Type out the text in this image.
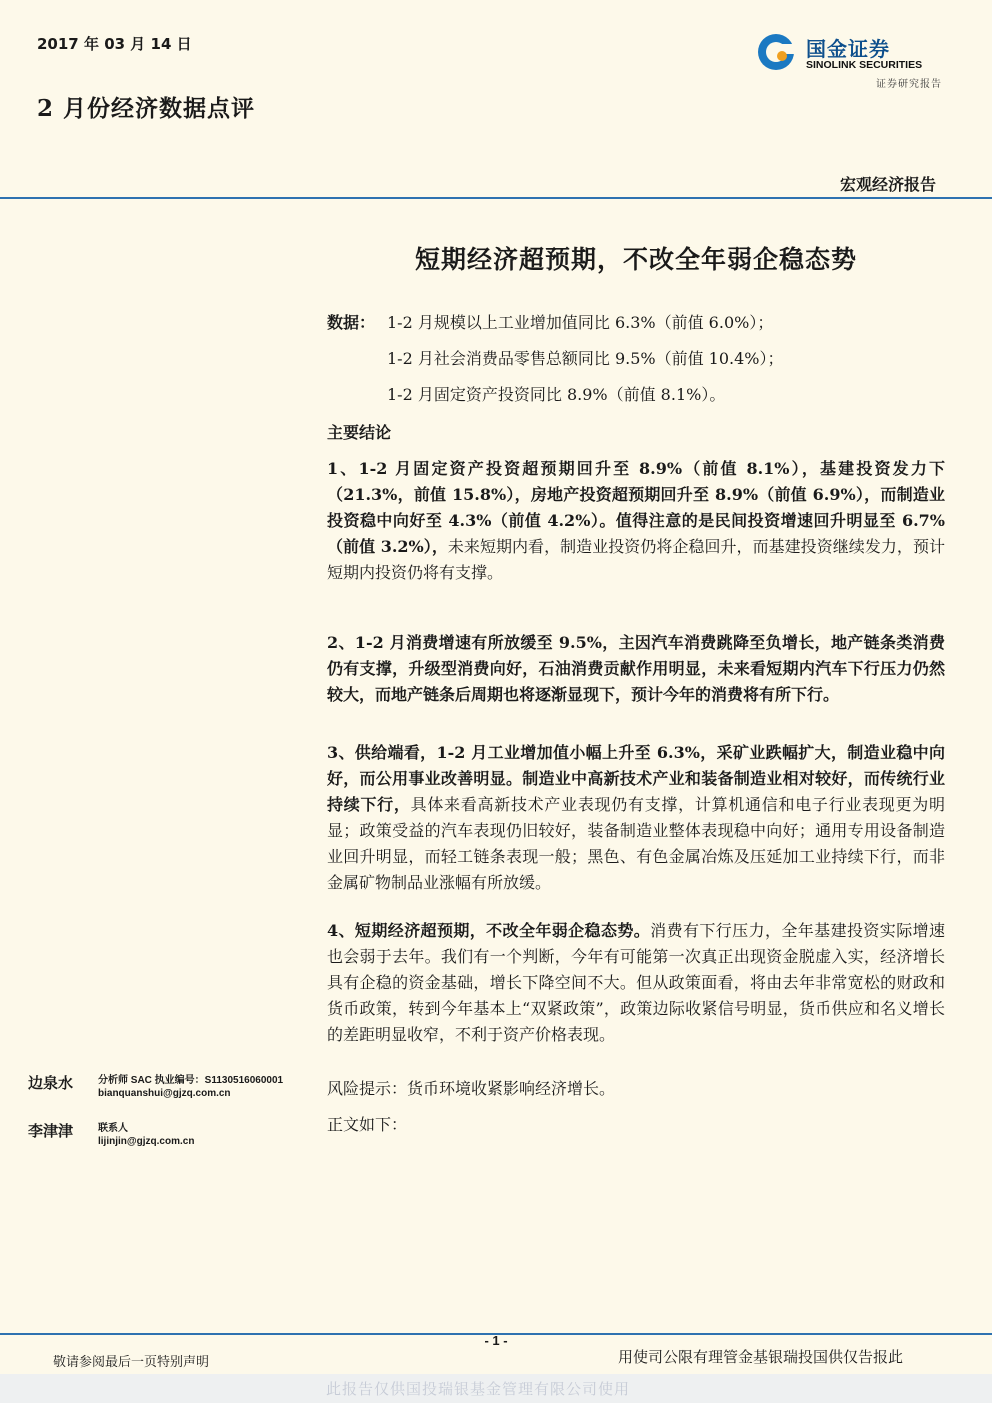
2017 年 03 月 14 日
2 月份经济数据点评
国金证券
SINOLINK SECURITIES
证券研究报告
宏观经济报告
短期经济超预期，不改全年弱企稳态势
数据： 1-2 月规模以上工业增加值同比 6.3%（前值 6.0%）；
1-2 月社会消费品零售总额同比 9.5%（前值 10.4%）；
1-2 月固定资产投资同比 8.9%（前值 8.1%）。
主要结论
1、1-2 月固定资产投资超预期回升至 8.9%（前值 8.1%），基建投资发力下（21.3%，前值 15.8%），房地产投资超预期回升至 8.9%（前值 6.9%），而制造业投资稳中向好至 4.3%（前值 4.2%）。值得注意的是民间投资增速回升明显至 6.7%（前值 3.2%），未来短期内看，制造业投资仍将企稳回升，而基建投资继续发力，预计短期内投资仍将有支撑。
2、1-2 月消费增速有所放缓至 9.5%，主因汽车消费跳降至负增长，地产链条类消费仍有支撑，升级型消费向好，石油消费贡献作用明显，未来看短期内汽车下行压力仍然较大，而地产链条后周期也将逐渐显现下，预计今年的消费将有所下行。
3、供给端看，1-2 月工业增加值小幅上升至 6.3%，采矿业跌幅扩大，制造业稳中向好，而公用事业改善明显。制造业中高新技术产业和装备制造业相对较好，而传统行业持续下行，具体来看高新技术产业表现仍有支撑，计算机通信和电子行业表现更为明显；政策受益的汽车表现仍旧较好，装备制造业整体表现稳中向好；通用专用设备制造业回升明显，而轻工链条表现一般；黑色、有色金属冶炼及压延加工业持续下行，而非金属矿物制品业涨幅有所放缓。
4、短期经济超预期，不改全年弱企稳态势。消费有下行压力，全年基建投资实际增速也会弱于去年。我们有一个判断，今年有可能第一次真正出现资金脱虚入实，经济增长具有企稳的资金基础，增长下降空间不大。但从政策面看，将由去年非常宽松的财政和货币政策，转到今年基本上“双紧政策”，政策边际收紧信号明显，货币供应和名义增长的差距明显收窄，不利于资产价格表现。
风险提示：货币环境收紧影响经济增长。
正文如下：
边泉水 分析师 SAC 执业编号：S1130516060001
bianquanshui@gjzq.com.cn
李津津 联系人
lijinjin@gjzq.com.cn
- 1 -
敬请参阅最后一页特别声明	用使司公限有理管金基银瑞投国供仅告报此
此报告仅供国投瑞银基金管理有限公司使用
